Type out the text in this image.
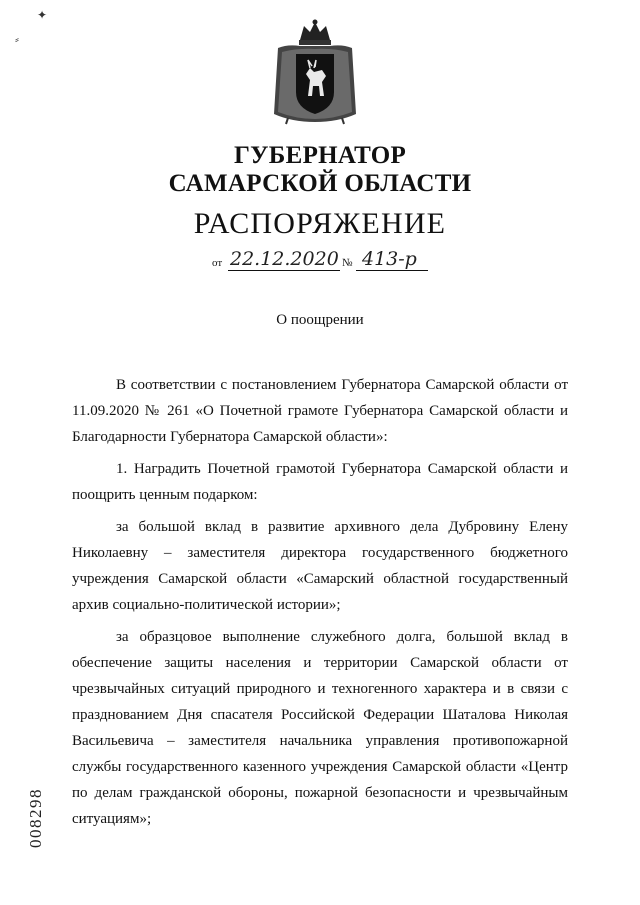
✦
⸗
ГУБЕРНАТОР
САМАРСКОЙ ОБЛАСТИ
РАСПОРЯЖЕНИЕ
от 22.12.2020 № 413-р
О поощрении

В соответствии с постановлением Губернатора Самарской области от 11.09.2020 № 261 «О Почетной грамоте Губернатора Самарской области и Благодарности Губернатора Самарской области»:

1. Наградить Почетной грамотой Губернатора Самарской области и поощрить ценным подарком:

за большой вклад в развитие архивного дела Дубровину Елену Николаевну – заместителя директора государственного бюджетного учреждения Самарской области «Самарский областной государственный архив социально-политической истории»;

за образцовое выполнение служебного долга, большой вклад в обеспечение защиты населения и территории Самарской области от чрезвычайных ситуаций природного и техногенного характера и в связи с празднованием Дня спасателя Российской Федерации Шаталова Николая Васильевича – заместителя начальника управления противопожарной службы государственного казенного учреждения Самарской области «Центр по делам гражданской обороны, пожарной безопасности и чрезвычайным ситуациям»;

008298
